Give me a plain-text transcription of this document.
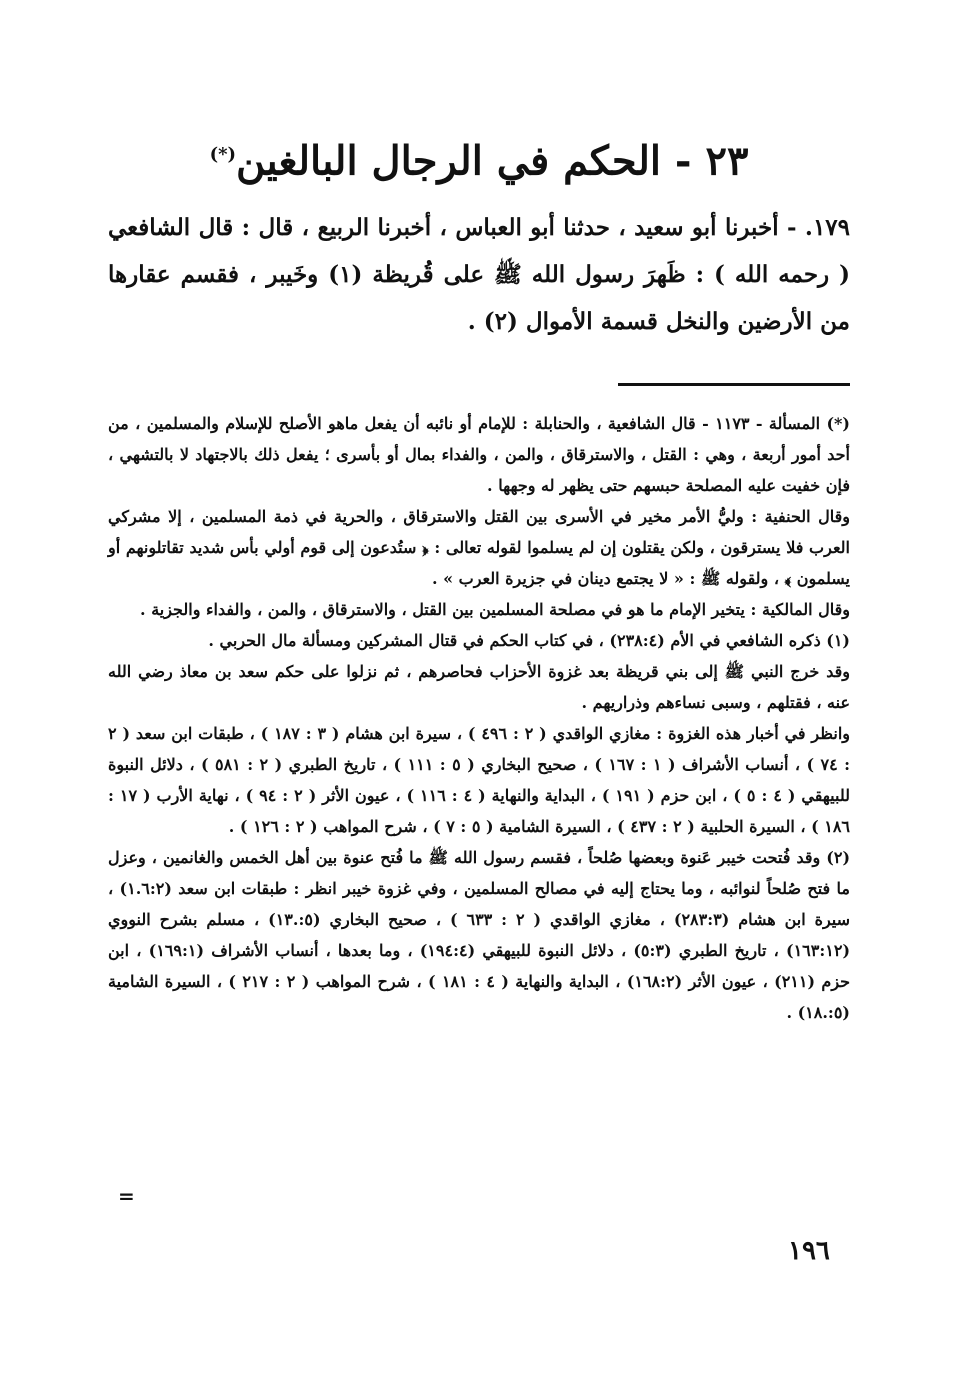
٢٣ - الحكم في الرجال البالغين(*)

١٧٩. - أخبرنا أبو سعيد ، حدثنا أبو العباس ، أخبرنا الربيع ، قال : قال الشافعي ( رحمه الله ) : ظَهرَ رسول الله ﷺ على قُريظة (١) وخَيبر ، فقسم عقارها من الأرضين والنخل قسمة الأموال (٢) .

(*) المسألة - ١١٧٣ - قال الشافعية ، والحنابلة : للإمام أو نائبه أن يفعل ماهو الأصلح للإسلام والمسلمين ، من أحد أمور أربعة ، وهي : القتل ، والاسترقاق ، والمن ، والفداء بمال أو بأسرى ؛ يفعل ذلك بالاجتهاد لا بالتشهي ، فإن خفيت عليه المصلحة حبسهم حتى يظهر له وجهها .

وقال الحنفية : وليُّ الأمر مخير في الأسرى بين القتل والاسترقاق ، والحرية في ذمة المسلمين ، إلا مشركي العرب فلا يسترقون ، ولكن يقتلون إن لم يسلموا لقوله تعالى : ﴿ ستُدعون إلى قوم أولي بأس شديد تقاتلونهم أو يسلمون ﴾ ، ولقوله ﷺ : « لا يجتمع دينان في جزيرة العرب » .

وقال المالكية : يتخير الإمام ما هو في مصلحة المسلمين بين القتل ، والاسترقاق ، والمن ، والفداء والجزية .

(١) ذكره الشافعي في الأم (٢٣٨:٤) ، في كتاب الحكم في قتال المشركين ومسألة مال الحربي .

وقد خرج النبي ﷺ إلى بني قريظة بعد غزوة الأحزاب فحاصرهم ، ثم نزلوا على حكم سعد بن معاذ رضي الله عنه ، فقتلهم ، وسبى نساءهم وذراريهم .

وانظر في أخبار هذه الغزوة : مغازي الواقدي ( ٢ : ٤٩٦ ) ، سيرة ابن هشام ( ٣ : ١٨٧ ) ، طبقات ابن سعد ( ٢ : ٧٤ ) ، أنساب الأشراف ( ١ : ١٦٧ ) ، صحيح البخاري ( ٥ : ١١١ ) ، تاريخ الطبري ( ٢ : ٥٨١ ) ، دلائل النبوة للبيهقي ( ٤ : ٥ ) ، ابن حزم ( ١٩١ ) ، البداية والنهاية ( ٤ : ١١٦ ) ، عيون الأثر ( ٢ : ٩٤ ) ، نهاية الأرب ( ١٧ : ١٨٦ ) ، السيرة الحلبية ( ٢ : ٤٣٧ ) ، السيرة الشامية ( ٥ : ٧ ) ، شرح المواهب ( ٢ : ١٢٦ ) .

(٢) وقد فُتحت خيبر عَنوة وبعضها صُلحاً ، فقسم رسول الله ﷺ ما فُتح عنوة بين أهل الخمس والغانمين ، وعزل ما فتح صُلحاً لنوائبه ، وما يحتاج إليه في مصالح المسلمين ، وفي غزوة خيبر انظر : طبقات ابن سعد (١.٦:٢) ، سيرة ابن هشام (٢٨٣:٣) ، مغازي الواقدي ( ٢ : ٦٣٣ ) ، صحيح البخاري (٥:.١٣) ، مسلم بشرح النووي (١٦٣:١٢) ، تاريخ الطبري (٥:٣) ، دلائل النبوة للبيهقي (١٩٤:٤) ، وما بعدها ، أنساب الأشراف (١٦٩:١) ، ابن حزم (٢١١) ، عيون الأثر (١٦٨:٢) ، البداية والنهاية ( ٤ : ١٨١ ) ، شرح المواهب ( ٢ : ٢١٧ ) ، السيرة الشامية (٥:.١٨) .

=
١٩٦
